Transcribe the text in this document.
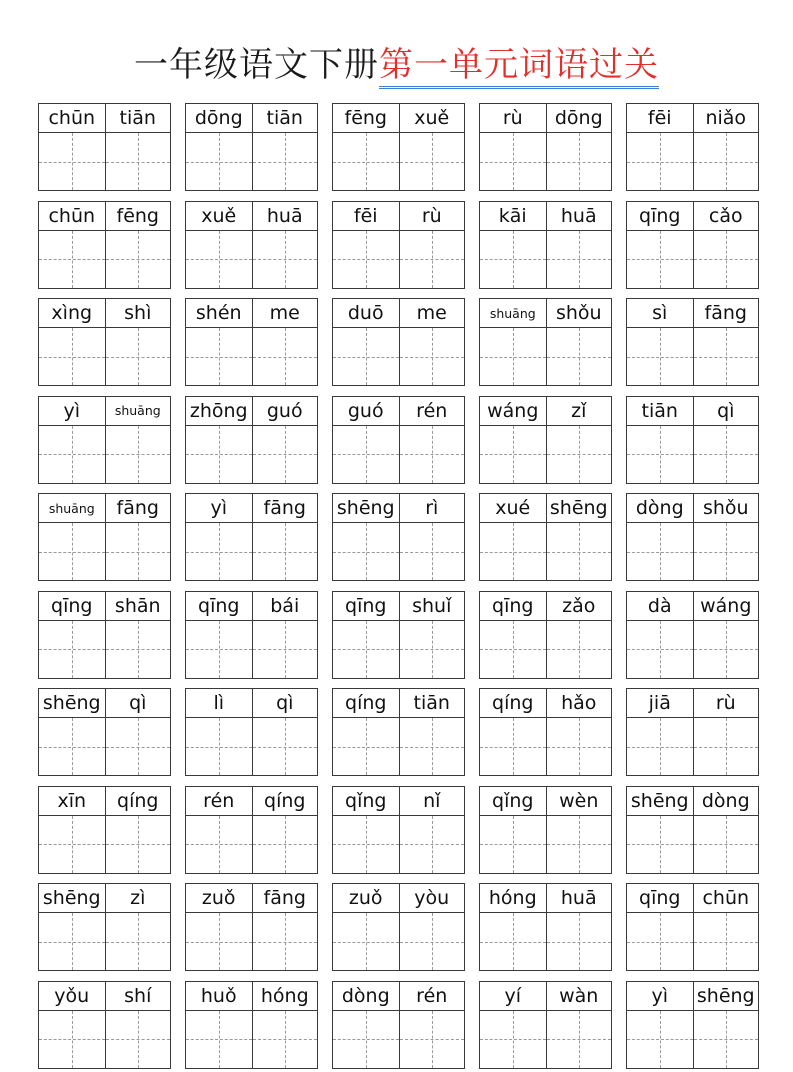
一年级语文下册第一单元词语过关
chūn	tiān	dōng	tiān	fēng	xuě	rù	dōng	fēi	niǎo
chūn	fēng	xuě	huā	fēi	rù	kāi	huā	qīng	cǎo
xìng	shì	shén	me	duō	me	shuāng	shǒu	sì	fāng
yì	shuāng	zhōng	guó	guó	rén	wáng	zǐ	tiān	qì
shuāng	fāng	yì	fāng	shēng	rì	xué	shēng	dòng	shǒu
qīng	shān	qīng	bái	qīng	shuǐ	qīng	zǎo	dà	wáng
shēng	qì	lì	qì	qíng	tiān	qíng	hǎo	jiā	rù
xīn	qíng	rén	qíng	qǐng	nǐ	qǐng	wèn	shēng dòng
shēng	zì	zuǒ	fāng	zuǒ	yòu	hóng	huā	qīng	chūn
yǒu	shí	huǒ	hóng	dòng	rén	yí	wàn	yì	shēng
